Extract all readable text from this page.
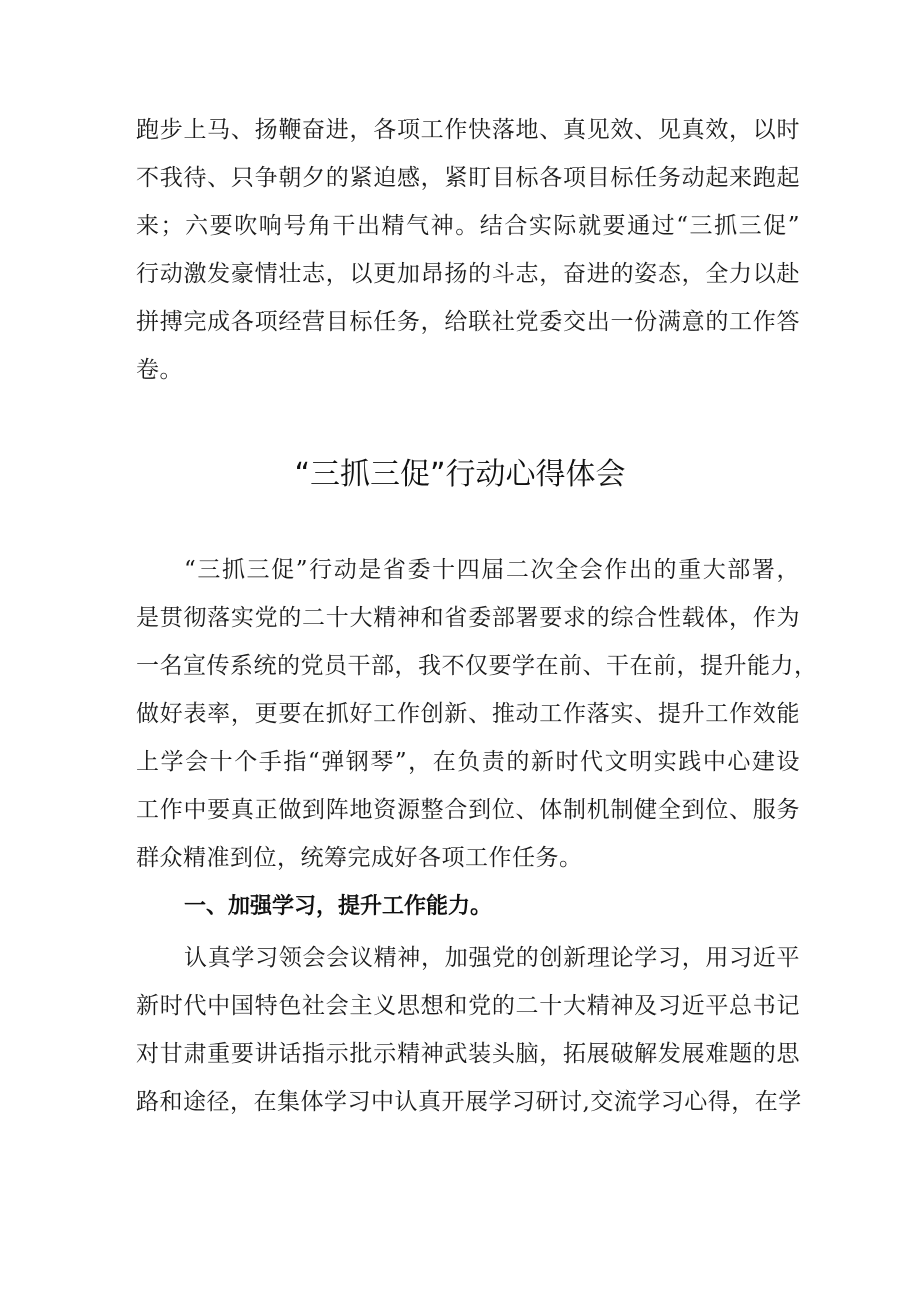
跑步上马、扬鞭奋进，各项工作快落地、真见效、见真效，以时
不我待、只争朝夕的紧迫感，紧盯目标各项目标任务动起来跑起
来；六要吹响号角干出精气神。结合实际就要通过“三抓三促”
行动激发豪情壮志，以更加昂扬的斗志，奋进的姿态，全力以赴
拼搏完成各项经营目标任务，给联社党委交出一份满意的工作答
卷。
“三抓三促”行动心得体会
“三抓三促”行动是省委十四届二次全会作出的重大部署，
是贯彻落实党的二十大精神和省委部署要求的综合性载体，作为
一名宣传系统的党员干部，我不仅要学在前、干在前，提升能力，
做好表率，更要在抓好工作创新、推动工作落实、提升工作效能
上学会十个手指“弹钢琴”，在负责的新时代文明实践中心建设
工作中要真正做到阵地资源整合到位、体制机制健全到位、服务
群众精准到位，统筹完成好各项工作任务。
一、加强学习，提升工作能力。
认真学习领会会议精神，加强党的创新理论学习，用习近平
新时代中国特色社会主义思想和党的二十大精神及习近平总书记
对甘肃重要讲话指示批示精神武装头脑，拓展破解发展难题的思
路和途径，在集体学习中认真开展学习研讨,交流学习心得，在学
